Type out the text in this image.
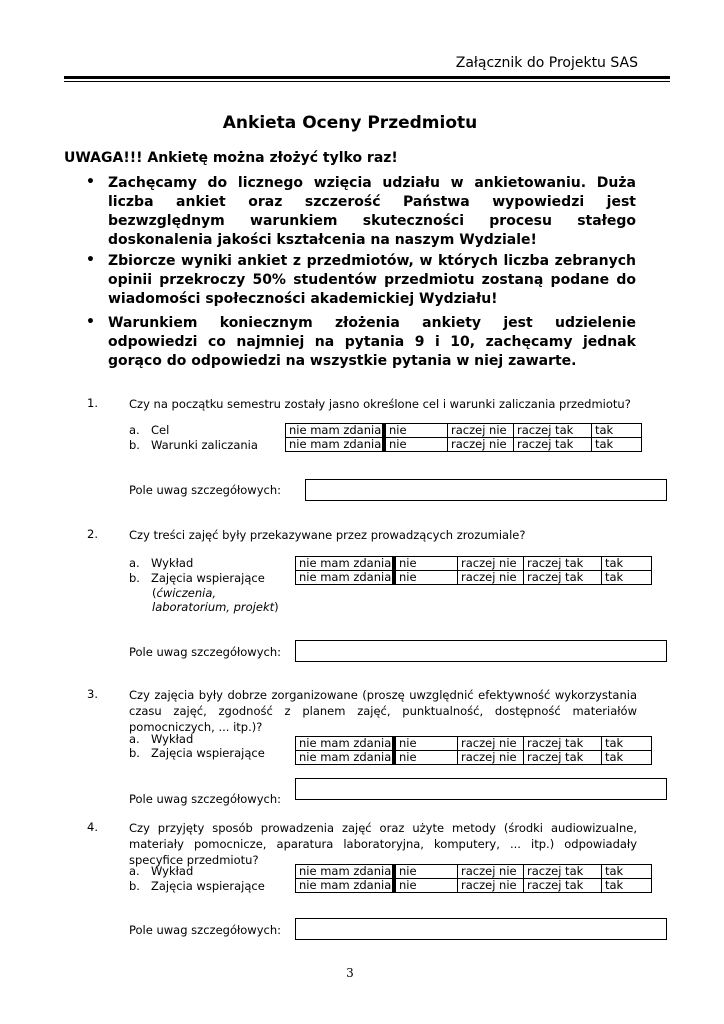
Załącznik do Projektu SAS
Ankieta Oceny Przedmiotu
UWAGA!!! Ankietę można złożyć tylko raz!
• Zachęcamy do licznego wzięcia udziału w ankietowaniu. Duża liczba ankiet oraz szczerość Państwa wypowiedzi jest bezwzględnym warunkiem skuteczności procesu stałego doskonalenia jakości kształcenia na naszym Wydziale!
• Zbiorcze wyniki ankiet z przedmiotów, w których liczba zebranych opinii przekroczy 50% studentów przedmiotu zostaną podane do wiadomości społeczności akademickiej Wydziału!
• Warunkiem koniecznym złożenia ankiety jest udzielenie odpowiedzi co najmniej na pytania 9 i 10, zachęcamy jednak gorąco do odpowiedzi na wszystkie pytania w niej zawarte.
1.	Czy na początku semestru zostały jasno określone cel i warunki zaliczania przedmiotu?
a. Cel
b. Warunki zaliczania
nie mam zdania	nie	raczej nie	raczej tak	tak
nie mam zdania	nie	raczej nie	raczej tak	tak
Pole uwag szczegółowych:
2.	Czy treści zajęć były przekazywane przez prowadzących zrozumiale?
a. Wykład
b. Zajęcia wspierające
(ćwiczenia,
laboratorium, projekt)
nie mam zdania	nie	raczej nie	raczej tak	tak
nie mam zdania	nie	raczej nie	raczej tak	tak
Pole uwag szczegółowych:
3.	Czy zajęcia były dobrze zorganizowane (proszę uwzględnić efektywność wykorzystania czasu zajęć, zgodność z planem zajęć, punktualność, dostępność materiałów pomocniczych, ... itp.)?
a. Wykład
b. Zajęcia wspierające
nie mam zdania	nie	raczej nie	raczej tak	tak
nie mam zdania	nie	raczej nie	raczej tak	tak
Pole uwag szczegółowych:
4.	Czy przyjęty sposób prowadzenia zajęć oraz użyte metody (środki audiowizualne, materiały pomocnicze, aparatura laboratoryjna, komputery, ... itp.) odpowiadały specyfice przedmiotu?
a. Wykład
b. Zajęcia wspierające
nie mam zdania	nie	raczej nie	raczej tak	tak
nie mam zdania	nie	raczej nie	raczej tak	tak
Pole uwag szczegółowych:
3
